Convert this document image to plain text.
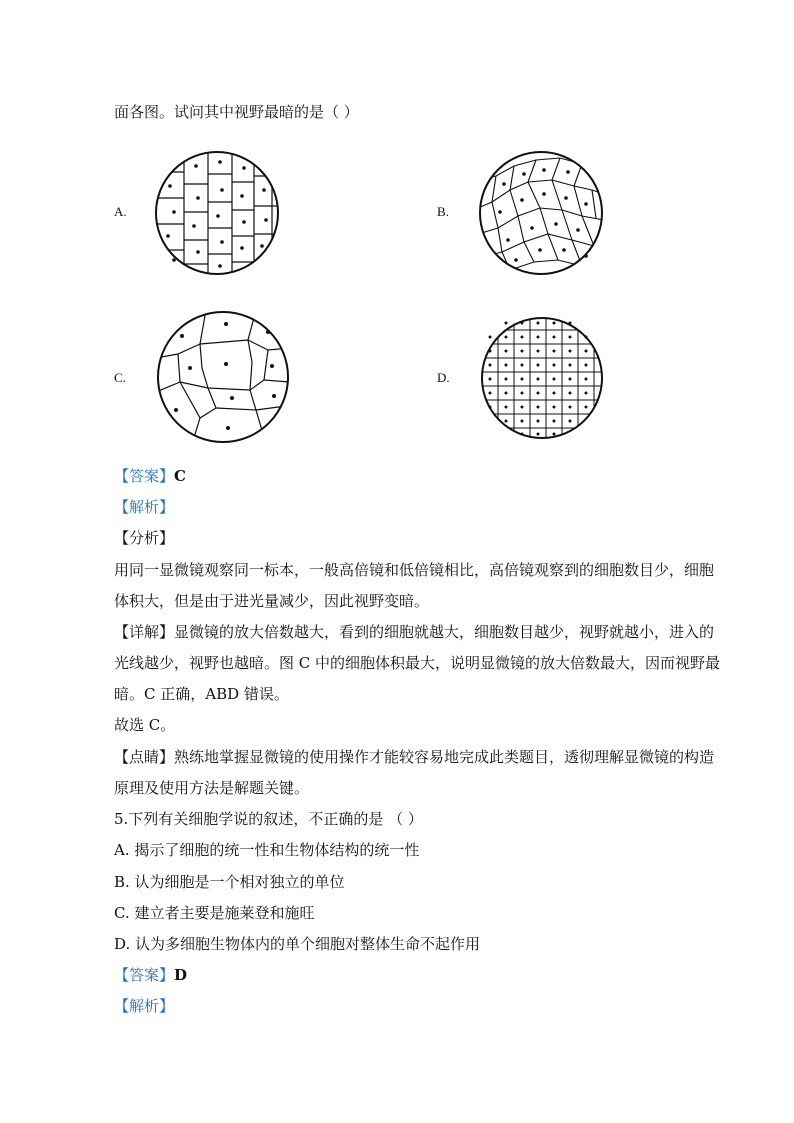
面各图。试问其中视野最暗的是（ ）
A.	B.
C.	D.
【答案】C
【解析】
【分析】
用同一显微镜观察同一标本，一般高倍镜和低倍镜相比，高倍镜观察到的细胞数目少，细胞
体积大，但是由于进光量减少，因此视野变暗。
【详解】显微镜的放大倍数越大，看到的细胞就越大，细胞数目越少，视野就越小，进入的
光线越少，视野也越暗。图 C 中的细胞体积最大，说明显微镜的放大倍数最大，因而视野最
暗。C 正确，ABD 错误。
故选 C。
【点睛】熟练地掌握显微镜的使用操作才能较容易地完成此类题目，透彻理解显微镜的构造
原理及使用方法是解题关键。
5.下列有关细胞学说的叙述，不正确的是 （ ）
A. 揭示了细胞的统一性和生物体结构的统一性
B. 认为细胞是一个相对独立的单位
C. 建立者主要是施莱登和施旺
D. 认为多细胞生物体内的单个细胞对整体生命不起作用
【答案】D
【解析】
